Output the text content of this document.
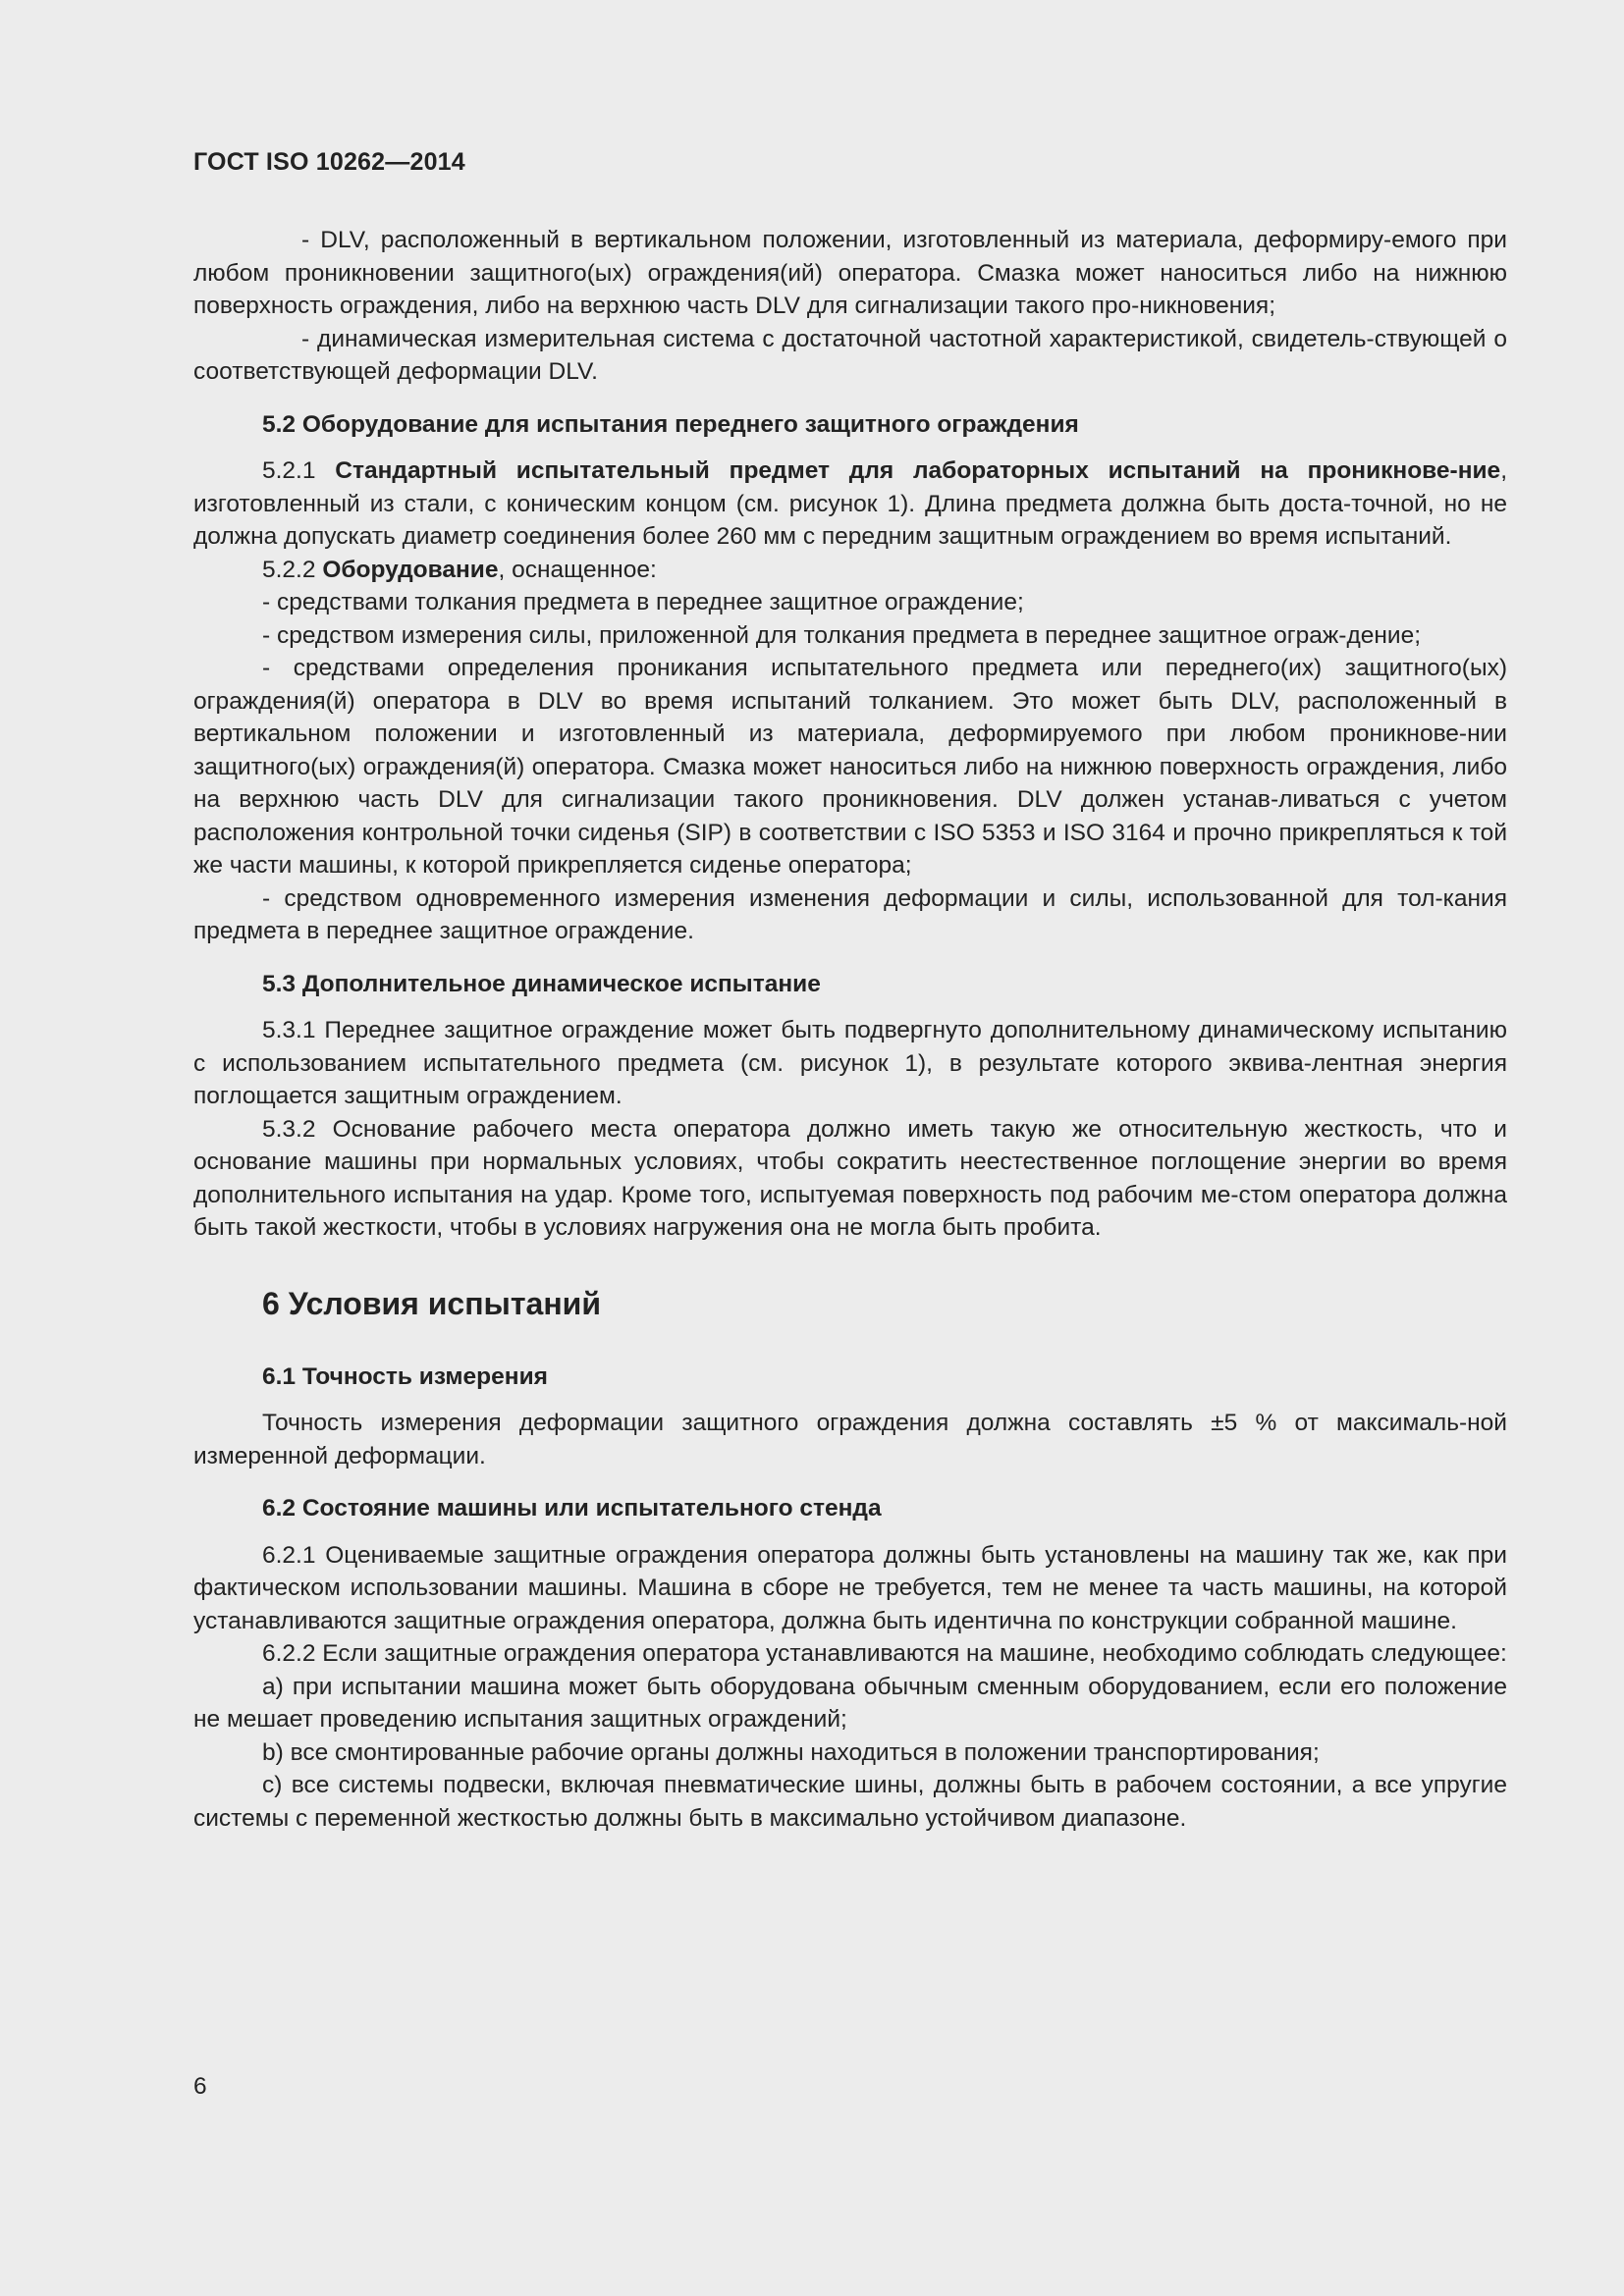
ГОСТ ISO 10262—2014

- DLV, расположенный в вертикальном положении, изготовленный из материала, деформиру-емого при любом проникновении защитного(ых) ограждения(ий) оператора. Смазка может наноситься либо на нижнюю поверхность ограждения, либо на верхнюю часть DLV для сигнализации такого про-никновения;

- динамическая измерительная система с достаточной частотной характеристикой, свидетель-ствующей о соответствующей деформации DLV.

5.2 Оборудование для испытания переднего защитного ограждения

5.2.1 Стандартный испытательный предмет для лабораторных испытаний на проникнове-ние, изготовленный из стали, с коническим концом (см. рисунок 1). Длина предмета должна быть доста-точной, но не должна допускать диаметр соединения более 260 мм с передним защитным ограждением во время испытаний.

5.2.2 Оборудование, оснащенное:

- средствами толкания предмета в переднее защитное ограждение;

- средством измерения силы, приложенной для толкания предмета в переднее защитное ограж-дение;

- средствами определения проникания испытательного предмета или переднего(их) защитного(ых) ограждения(й) оператора в DLV во время испытаний толканием. Это может быть DLV, расположенный в вертикальном положении и изготовленный из материала, деформируемого при любом проникнове-нии защитного(ых) ограждения(й) оператора. Смазка может наноситься либо на нижнюю поверхность ограждения, либо на верхнюю часть DLV для сигнализации такого проникновения. DLV должен устанав-ливаться с учетом расположения контрольной точки сиденья (SIP) в соответствии с ISO 5353 и ISO 3164 и прочно прикрепляться к той же части машины, к которой прикрепляется сиденье оператора;

- средством одновременного измерения изменения деформации и силы, использованной для тол-кания предмета в переднее защитное ограждение.

5.3 Дополнительное динамическое испытание

5.3.1 Переднее защитное ограждение может быть подвергнуто дополнительному динамическому испытанию с использованием испытательного предмета (см. рисунок 1), в результате которого эквива-лентная энергия поглощается защитным ограждением.

5.3.2 Основание рабочего места оператора должно иметь такую же относительную жесткость, что и основание машины при нормальных условиях, чтобы сократить неестественное поглощение энергии во время дополнительного испытания на удар. Кроме того, испытуемая поверхность под рабочим ме-стом оператора должна быть такой жесткости, чтобы в условиях нагружения она не могла быть пробита.

6 Условия испытаний
6.1 Точность измерения

Точность измерения деформации защитного ограждения должна составлять ±5 % от максималь-ной измеренной деформации.

6.2 Состояние машины или испытательного стенда

6.2.1 Оцениваемые защитные ограждения оператора должны быть установлены на машину так же, как при фактическом использовании машины. Машина в сборе не требуется, тем не менее та часть машины, на которой устанавливаются защитные ограждения оператора, должна быть идентична по конструкции собранной машине.

6.2.2 Если защитные ограждения оператора устанавливаются на машине, необходимо соблюдать следующее:

a) при испытании машина может быть оборудована обычным сменным оборудованием, если его положение не мешает проведению испытания защитных ограждений;

b) все смонтированные рабочие органы должны находиться в положении транспортирования;

c) все системы подвески, включая пневматические шины, должны быть в рабочем состоянии, а все упругие системы с переменной жесткостью должны быть в максимально устойчивом диапазоне.

6
